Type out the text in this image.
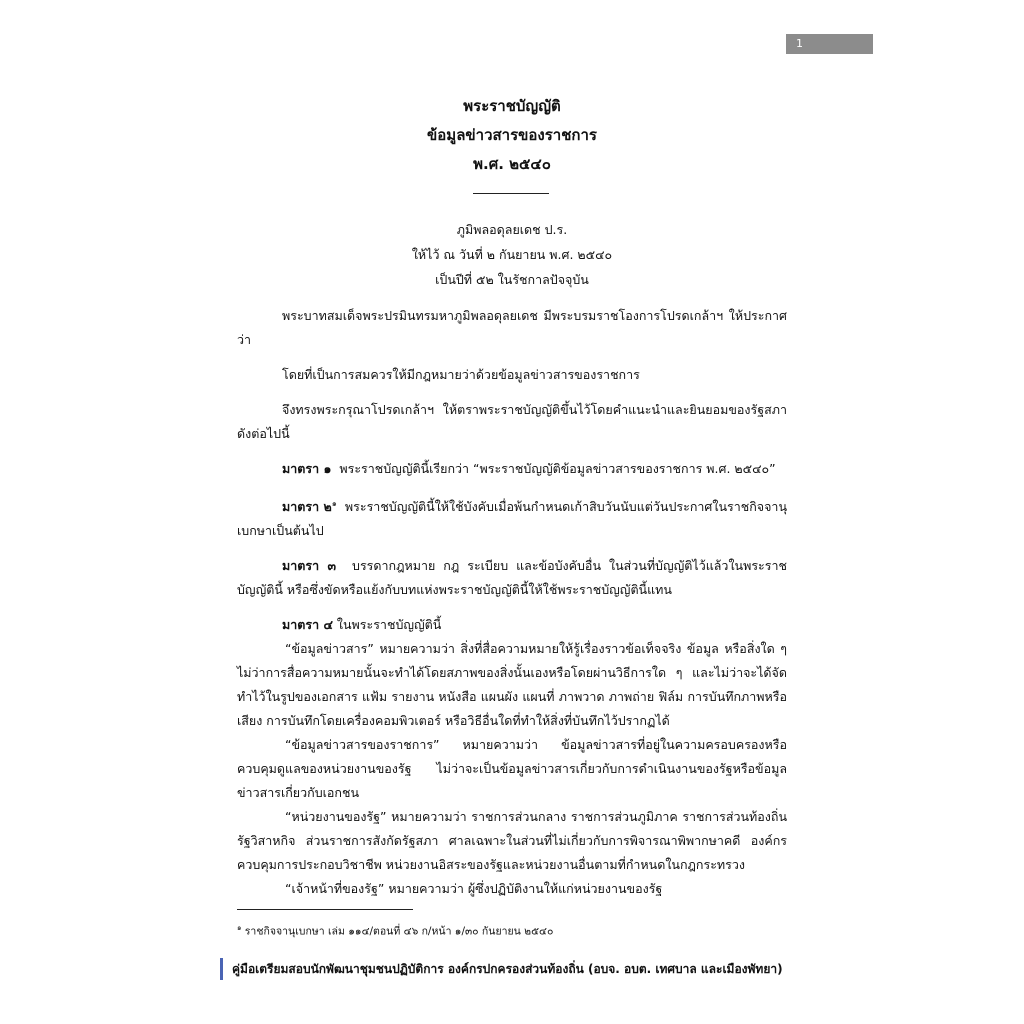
1
พระราชบัญญัติ
ข้อมูลข่าวสารของราชการ
พ.ศ. ๒๕๔๐
ภูมิพลอดุลยเดช ป.ร.
ให้ไว้ ณ วันที่ ๒ กันยายน พ.ศ. ๒๕๔๐
เป็นปีที่ ๕๒ ในรัชกาลปัจจุบัน

พระบาทสมเด็จพระปรมินทรมหาภูมิพลอดุลยเดช มีพระบรมราชโองการโปรดเกล้าฯ ให้ประกาศว่า

โดยที่เป็นการสมควรให้มีกฎหมายว่าด้วยข้อมูลข่าวสารของราชการ

จึงทรงพระกรุณาโปรดเกล้าฯ ให้ตราพระราชบัญญัติขึ้นไว้โดยคำแนะนำและยินยอมของรัฐสภา ดังต่อไปนี้

มาตรา ๑ พระราชบัญญัตินี้เรียกว่า “พระราชบัญญัติข้อมูลข่าวสารของราชการ พ.ศ. ๒๕๔๐”

มาตรา ๒$^๑$ พระราชบัญญัตินี้ให้ใช้บังคับเมื่อพ้นกำหนดเก้าสิบวันนับแต่วันประกาศในราชกิจจานุเบกษาเป็นต้นไป

มาตรา ๓ บรรดากฎหมาย กฎ ระเบียบ และข้อบังคับอื่น ในส่วนที่บัญญัติไว้แล้วในพระราชบัญญัตินี้ หรือซึ่งขัดหรือแย้งกับบทแห่งพระราชบัญญัตินี้ให้ใช้พระราชบัญญัตินี้แทน

มาตรา ๔ ในพระราชบัญญัตินี้

“ข้อมูลข่าวสาร” หมายความว่า สิ่งที่สื่อความหมายให้รู้เรื่องราวข้อเท็จจริง ข้อมูล หรือสิ่งใด ๆ ไม่ว่าการสื่อความหมายนั้นจะทำได้โดยสภาพของสิ่งนั้นเองหรือโดยผ่านวิธีการใด ๆ และไม่ว่าจะได้จัดทำไว้ในรูปของเอกสาร แฟ้ม รายงาน หนังสือ แผนผัง แผนที่ ภาพวาด ภาพถ่าย ฟิล์ม การบันทึกภาพหรือเสียง การบันทึกโดยเครื่องคอมพิวเตอร์ หรือวิธีอื่นใดที่ทำให้สิ่งที่บันทึกไว้ปรากฏได้

“ข้อมูลข่าวสารของราชการ” หมายความว่า ข้อมูลข่าวสารที่อยู่ในความครอบครองหรือควบคุมดูแลของหน่วยงานของรัฐ ไม่ว่าจะเป็นข้อมูลข่าวสารเกี่ยวกับการดำเนินงานของรัฐหรือข้อมูลข่าวสารเกี่ยวกับเอกชน

“หน่วยงานของรัฐ” หมายความว่า ราชการส่วนกลาง ราชการส่วนภูมิภาค ราชการส่วนท้องถิ่น รัฐวิสาหกิจ ส่วนราชการสังกัดรัฐสภา ศาลเฉพาะในส่วนที่ไม่เกี่ยวกับการพิจารณาพิพากษาคดี องค์กรควบคุมการประกอบวิชาชีพ หน่วยงานอิสระของรัฐและหน่วยงานอื่นตามที่กำหนดในกฎกระทรวง

“เจ้าหน้าที่ของรัฐ” หมายความว่า ผู้ซึ่งปฏิบัติงานให้แก่หน่วยงานของรัฐ

$^๑$ ราชกิจจานุเบกษา เล่ม ๑๑๔/ตอนที่ ๔๖ ก/หน้า ๑/๓๐ กันยายน ๒๕๔๐
คู่มือเตรียมสอบนักพัฒนาชุมชนปฏิบัติการ องค์กรปกครองส่วนท้องถิ่น (อบจ. อบต. เทศบาล และเมืองพัทยา)
